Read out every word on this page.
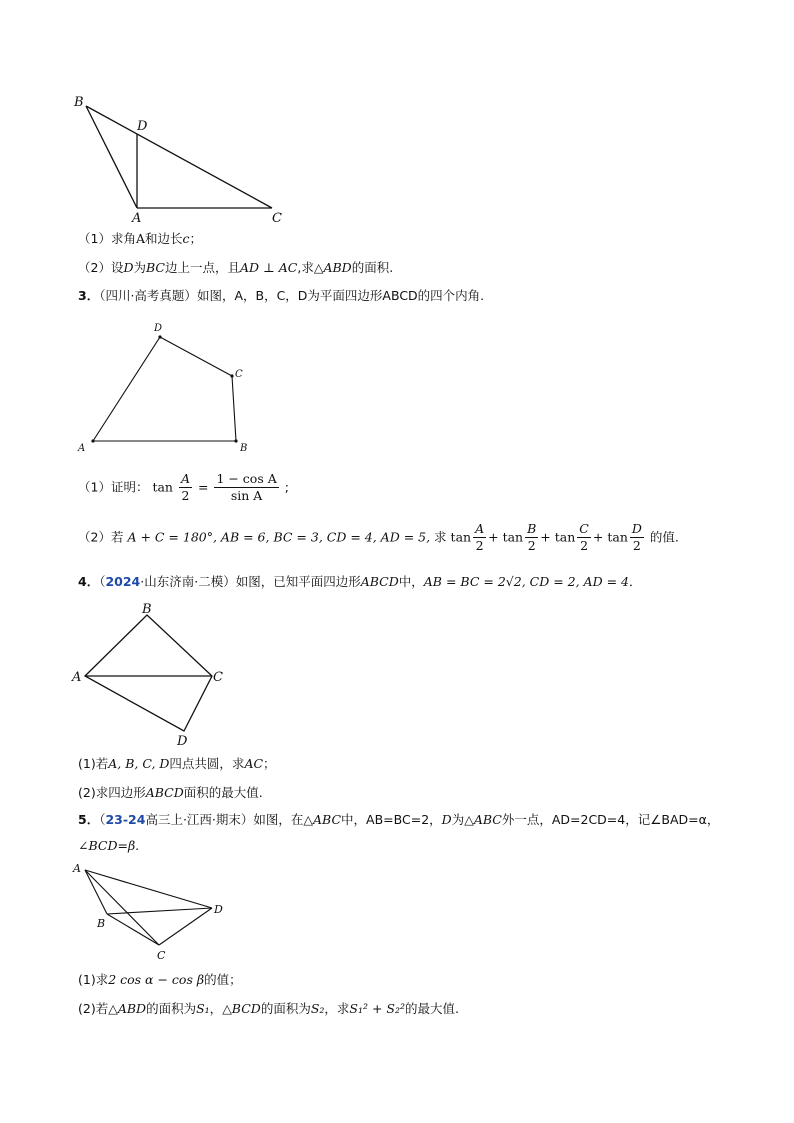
B
D
A	C
（1）求角A和边长c；
（2）设D为BC边上一点，且AD ⊥ AC,求△ABD的面积.
3．（四川·高考真题）如图，A，B，C，D为平面四边形ABCD的四个内角.
D
C
A	B
（1）证明： $\tan \frac{A}{2} = \frac{\text{1 − cos A}}{\text{sin A}}$ ;
（2）若 A + C = 180°, AB = 6, BC = 3, CD = 4, AD = 5, 求 $\tan \frac{A}{2} + \tan \frac{B}{2} + \tan \frac{C}{2} + \tan \frac{D}{2}$ 的值.
4．（2024·山东济南·二模）如图，已知平面四边形ABCD中，AB = BC = 2√2, CD = 2, AD = 4．
B
A	C
D
(1)若A, B, C, D四点共圆，求AC；
(2)求四边形ABCD面积的最大值.
5．（23-24高三上·江西·期末）如图，在△ABC中，AB=BC=2，D为△ABC外一点，AD=2CD=4，记∠BAD=α，
∠BCD=β.
A
D
B
C
(1)求2 cos α − cos β的值；
(2)若△ABD的面积为S₁，△BCD的面积为S₂，求S₁² + S₂²的最大值.
